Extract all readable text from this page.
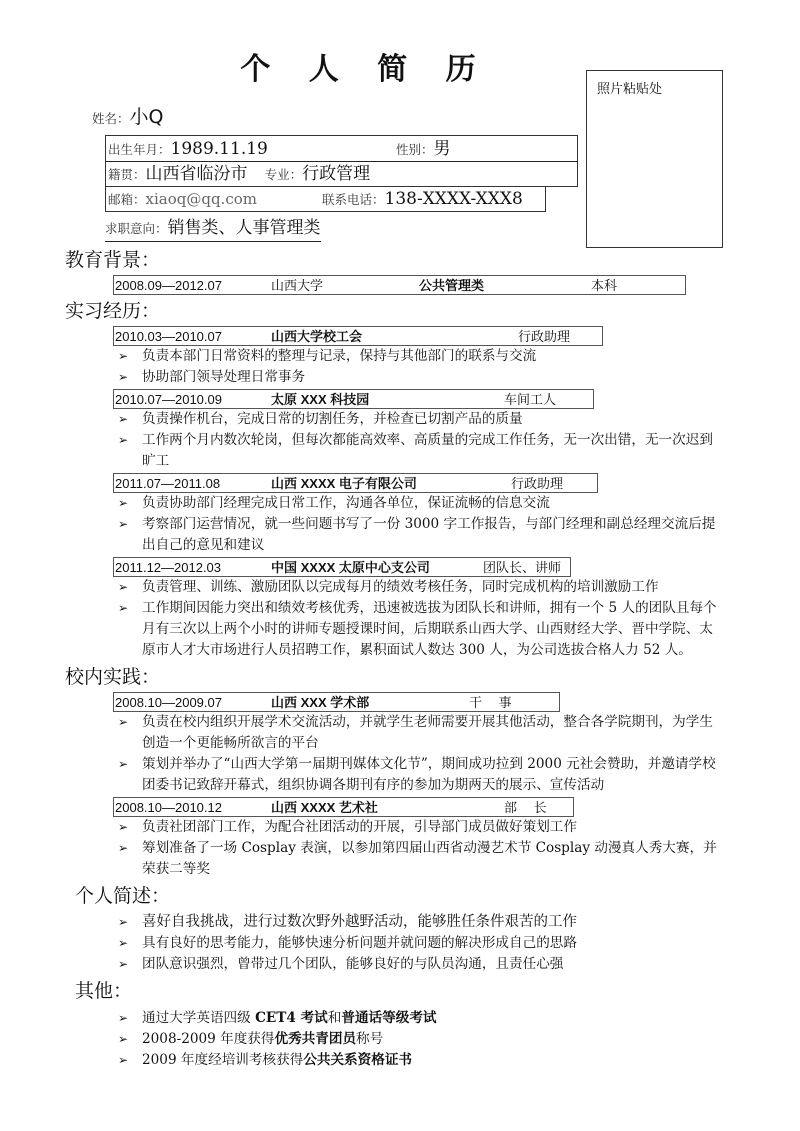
个 人 简 历
照片粘贴处
姓名：小Q
出生年月：1989.11.19	性别：男
籍贯：山西省临汾市 专业：行政管理
邮箱：xiaoq@qq.com	联系电话：138-XXXX-XXX8
求职意向：销售类、人事管理类
教育背景：
2008.09—2012.07	山西大学	公共管理类	本科
实习经历：
2010.03—2010.07	山西大学校工会	行政助理
➢ 负责本部门日常资料的整理与记录，保持与其他部门的联系与交流
➢ 协助部门领导处理日常事务
2010.07—2010.09	太原 XXX 科技园	车间工人
➢ 负责操作机台，完成日常的切割任务，并检查已切割产品的质量
➢ 工作两个月内数次轮岗，但每次都能高效率、高质量的完成工作任务，无一次出错，无一次迟到旷工
2011.07—2011.08	山西 XXXX 电子有限公司	行政助理
➢ 负责协助部门经理完成日常工作，沟通各单位，保证流畅的信息交流
➢ 考察部门运营情况，就一些问题书写了一份 3000 字工作报告，与部门经理和副总经理交流后提出自己的意见和建议
2011.12—2012.03	中国 XXXX 太原中心支公司	团队长、讲师
➢ 负责管理、训练、激励团队以完成每月的绩效考核任务，同时完成机构的培训激励工作
➢ 工作期间因能力突出和绩效考核优秀，迅速被选拔为团队长和讲师，拥有一个 5 人的团队且每个月有三次以上两个小时的讲师专题授课时间，后期联系山西大学、山西财经大学、晋中学院、太原市人才大市场进行人员招聘工作，累积面试人数达 300 人，为公司选拔合格人力 52 人。
校内实践：
2008.10—2009.07	山西 XXX 学术部	干　 事
➢ 负责在校内组织开展学术交流活动，并就学生老师需要开展其他活动，整合各学院期刊，为学生创造一个更能畅所欲言的平台
➢ 策划并举办了“山西大学第一届期刊媒体文化节”，期间成功拉到 2000 元社会赞助，并邀请学校团委书记致辞开幕式，组织协调各期刊有序的参加为期两天的展示、宣传活动
2008.10—2010.12	山西 XXXX 艺术社	部　 长
➢ 负责社团部门工作，为配合社团活动的开展，引导部门成员做好策划工作
➢ 筹划准备了一场 Cosplay 表演，以参加第四届山西省动漫艺术节 Cosplay 动漫真人秀大赛，并荣获二等奖
个人简述：
➢ 喜好自我挑战，进行过数次野外越野活动，能够胜任条件艰苦的工作
➢ 具有良好的思考能力，能够快速分析问题并就问题的解决形成自己的思路
➢ 团队意识强烈，曾带过几个团队，能够良好的与队员沟通，且责任心强
其他：
➢ 通过大学英语四级 CET4 考试和普通话等级考试
➢ 2008-2009 年度获得优秀共青团员称号
➢ 2009 年度经培训考核获得公共关系资格证书
